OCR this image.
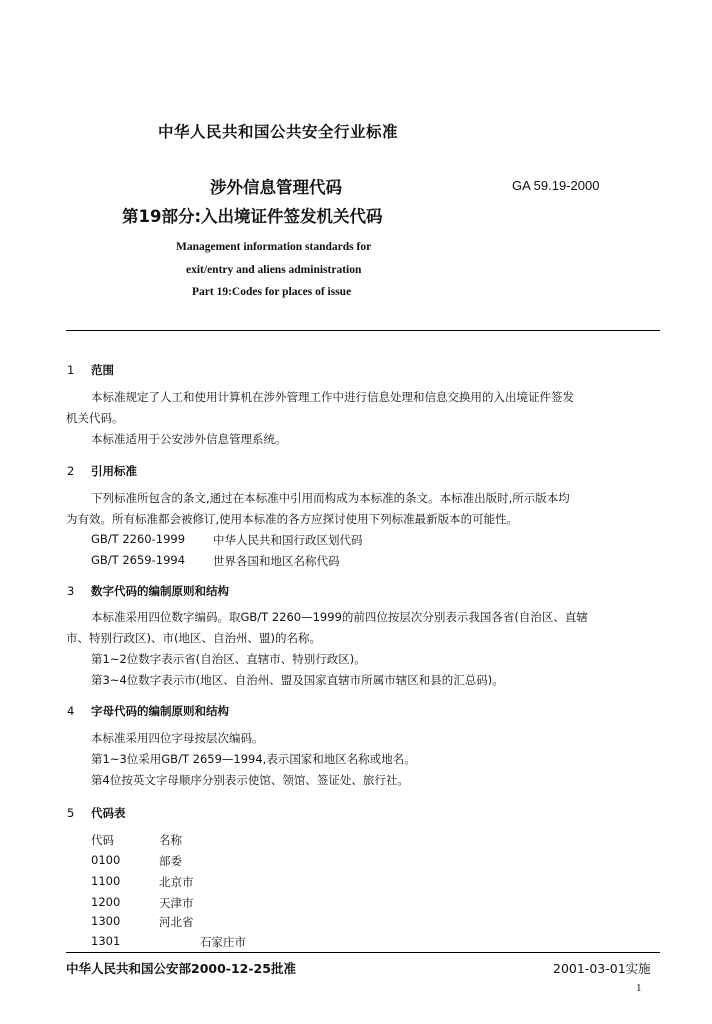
中华人民共和国公共安全行业标准
涉外信息管理代码	GA 59.19-2000
第19部分:入出境证件签发机关代码
Management information standards for
exit/entry and aliens administration
Part 19:Codes for places of issue
1 范围
本标准规定了人工和使用计算机在涉外管理工作中进行信息处理和信息交换用的入出境证件签发
机关代码。
本标准适用于公安涉外信息管理系统。
2 引用标准
下列标准所包含的条文,通过在本标准中引用而构成为本标准的条文。本标准出版时,所示版本均
为有效。所有标准都会被修订,使用本标准的各方应探讨使用下列标准最新版本的可能性。
GB/T 2260-1999 中华人民共和国行政区划代码
GB/T 2659-1994 世界各国和地区名称代码
3 数字代码的编制原则和结构
本标准采用四位数字编码。取GB/T 2260—1999的前四位按层次分别表示我国各省(自治区、直辖
市、特别行政区)、市(地区、自治州、盟)的名称。
第1~2位数字表示省(自治区、直辖市、特别行政区)。
第3~4位数字表示市(地区、自治州、盟及国家直辖市所属市辖区和县的汇总码)。
4 字母代码的编制原则和结构
本标准采用四位字母按层次编码。
第1~3位采用GB/T 2659—1994,表示国家和地区名称或地名。
第4位按英文字母顺序分别表示使馆、领馆、签证处、旅行社。
5 代码表
代码	名称
0100	部委
1100	北京市
1200	天津市
1300	河北省
1301	石家庄市
中华人民共和国公安部2000-12-25批准	2001-03-01实施
1
